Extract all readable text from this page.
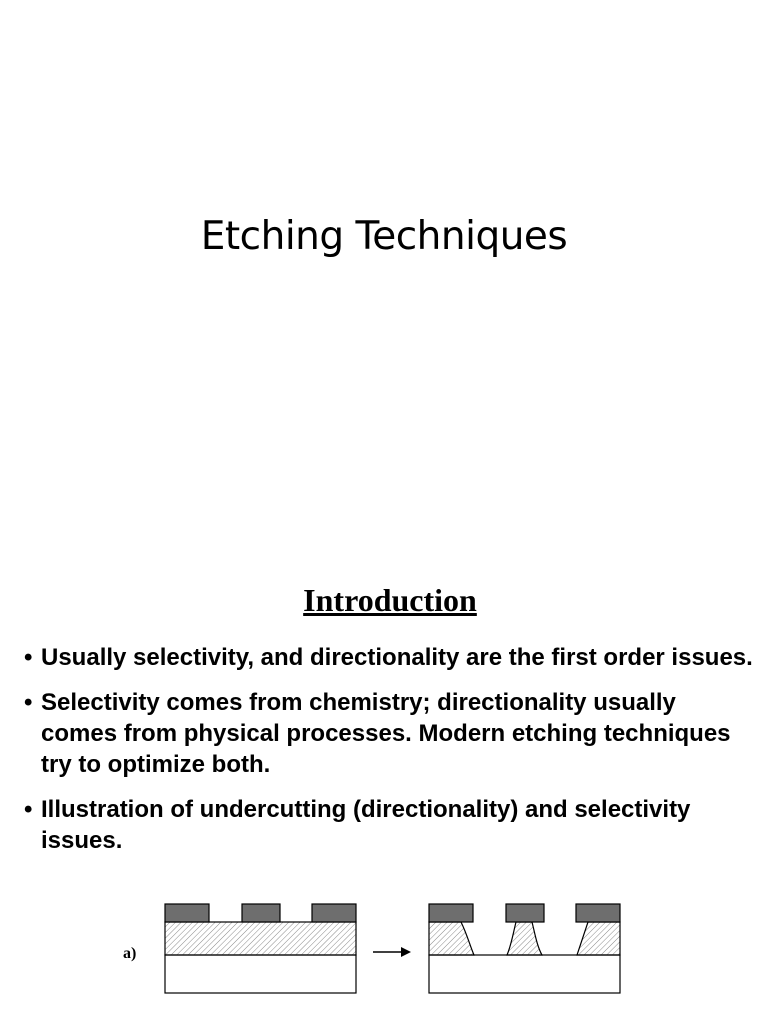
Etching Techniques
Introduction
• Usually selectivity, and directionality are the first order issues.
• Selectivity comes from chemistry; directionality usually comes from physical processes. Modern etching techniques try to optimize both.
• Illustration of undercutting (directionality) and selectivity issues.
a)
